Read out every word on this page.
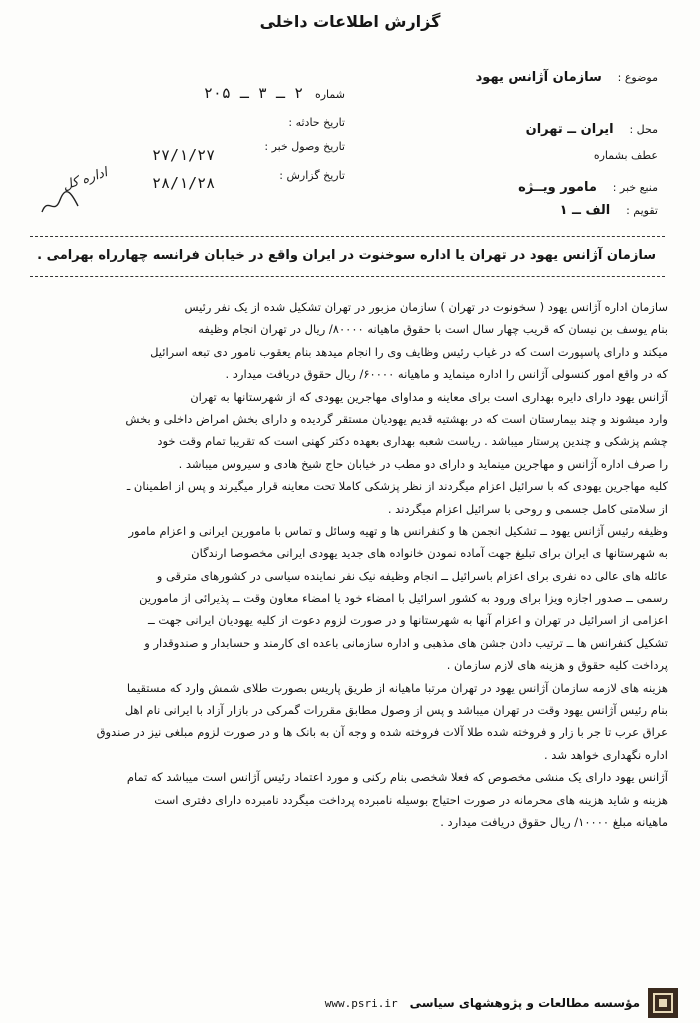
گزارش اطلاعات داخلی
موضوع : سازمان آژانس یهود
محل : ایران ــ تهران
عطف بشماره
منبع خبر : مامور ویــژه
تقویم : الف ــ ۱
شماره ۲ ـ ۳ ـ ۲۰۵
تاریخ حادثه :
تاریخ وصول خبر :
تاریخ گزارش :
۲۷/۱/۲۷
۲۸/۱/۲۸
اداره کل
سازمان آژانس یهود در تهران یا اداره سوخنوت در ایران واقع در خیابان فرانسه چهارراه بهرامی .
سازمان اداره آژانس یهود ( سخونوت در تهران ) سازمان مزبور در تهران تشکیل شده از یک نفر رئیس
بنام یوسف بن نیسان که قریب چهار سال است با حقوق ماهیانه ۸۰۰۰۰/ ریال در تهران انجام وظیفه
میکند و دارای پاسپورت است که در غیاب رئیس وظایف وی را انجام میدهد بنام یعقوب نامور دی تبعه اسرائیل
که در واقع امور کنسولی آژانس را اداره مینماید و ماهیانه ۶۰۰۰۰/ ریال حقوق دریافت میدارد .
آژانس یهود دارای دایره بهداری است برای معاینه و مداوای مهاجرین یهودی که از شهرستانها به تهران
وارد میشوند و چند بیمارستان است که در بهشتیه قدیم یهودیان مستقر گردیده و دارای بخش امراض داخلی و بخش
چشم پزشکی و چندین پرستار میباشد . ریاست شعبه بهداری بعهده دکتر کهنی است که تقریبا تمام وقت خود
را صرف اداره آژانس و مهاجرین مینماید و دارای دو مطب در خیابان حاج شیخ هادی و سیروس میباشد .
کلیه مهاجرین یهودی که با سرائیل اعزام میگردند از نظر پزشکی کاملا تحت معاینه قرار میگیرند و پس از اطمینان ـ
از سلامتی کامل جسمی و روحی با سرائیل اعزام میگردند .
وظیفه رئیس آژانس یهود ــ تشکیل انجمن ها و کنفرانس ها و تهیه وسائل و تماس با مامورین ایرانی و اعزام مامور
به شهرستانها ی ایران برای تبلیغ جهت آماده نمودن خانواده های جدید یهودی ایرانی مخصوصا ارندگان
عائله های عالی ده نفری برای اعزام باسرائیل ــ انجام وظیفه نیک نفر نماینده سیاسی در کشورهای مترقی و
رسمی ــ صدور اجازه ویزا برای ورود به کشور اسرائیل با امضاء خود یا امضاء معاون وقت ــ پذیرائی از مامورین
اعزامی از اسرائیل در تهران و اعزام آنها به شهرستانها و در صورت لزوم دعوت از کلیه یهودیان ایرانی جهت ــ
تشکیل کنفرانس ها ــ ترتیب دادن جشن های مذهبی و اداره سازمانی باعده ای کارمند و حسابدار و صندوقدار و
پرداخت کلیه حقوق و هزینه های لازم سازمان .
هزینه های لازمه سازمان آژانس یهود در تهران مرتبا ماهیانه از طریق پاریس بصورت طلای شمش وارد که مستقیما
بنام رئیس آژانس یهود وقت در تهران میباشد و پس از وصول مطابق مقررات گمرکی در بازار آزاد با ایرانی نام اهل
عراق عرب تا جر با زار و فروخته شده طلا آلات فروخته شده و وجه آن به بانک ها و در صورت لزوم مبلغی نیز در صندوق
اداره نگهداری خواهد شد .
آژانس یهود دارای یک منشی مخصوص که فعلا شخصی بنام رکنی و مورد اعتماد رئیس آژانس است میباشد که تمام
هزینه و شاید هزینه های محرمانه در صورت احتیاج بوسیله نامبرده پرداخت میگردد نامبرده دارای دفتری است
ماهیانه مبلغ ۱۰۰۰۰/ ریال حقوق دریافت میدارد .
مؤسسه مطالعات و پژوهشهای سیاسی
www.psri.ir
